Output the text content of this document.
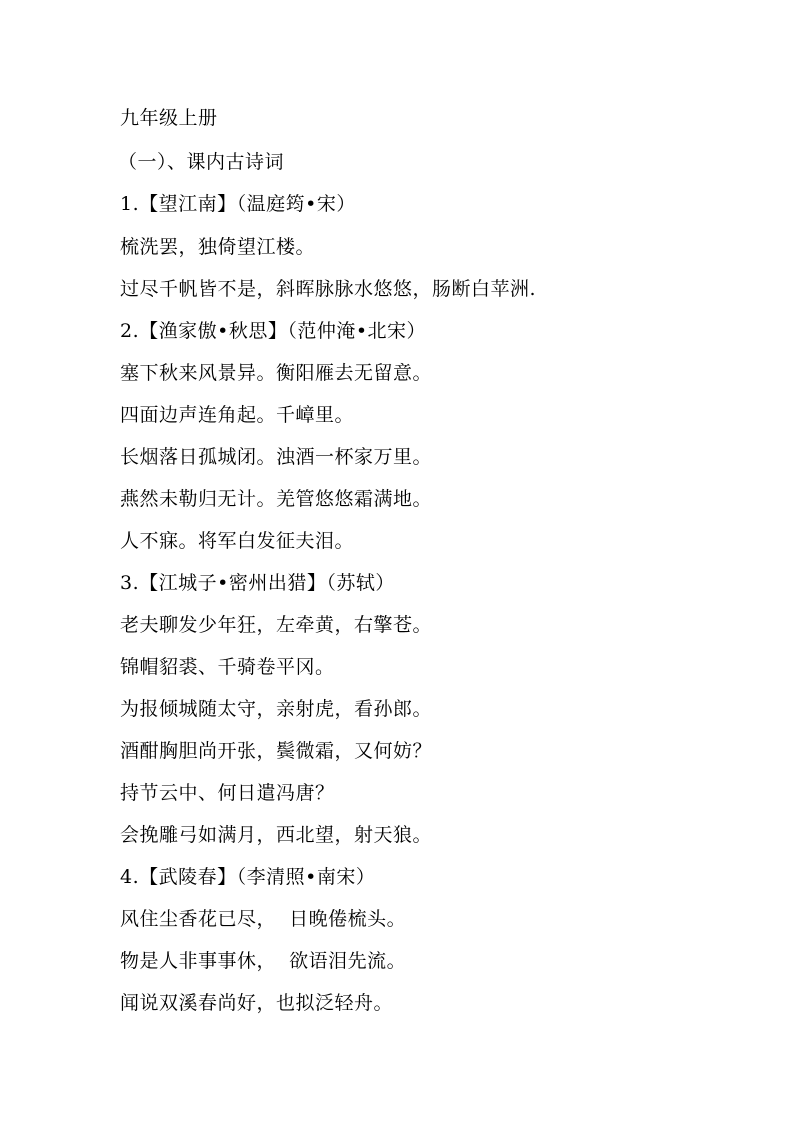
九年级上册
（一）、课内古诗词
1.【望江南】（温庭筠•宋）
梳洗罢，独倚望江楼。
过尽千帆皆不是，斜晖脉脉水悠悠，肠断白苹洲.
2.【渔家傲•秋思】（范仲淹•北宋）
塞下秋来风景异。衡阳雁去无留意。
四面边声连角起。千嶂里。
长烟落日孤城闭。浊酒一杯家万里。
燕然未勒归无计。羌管悠悠霜满地。
人不寐。将军白发征夫泪。
3.【江城子•密州出猎】（苏轼）
老夫聊发少年狂，左牵黄，右擎苍。
锦帽貂裘、千骑卷平冈。
为报倾城随太守，亲射虎，看孙郎。
酒酣胸胆尚开张，鬓微霜，又何妨？
持节云中、何日遣冯唐？
会挽雕弓如满月，西北望，射天狼。
4.【武陵春】（李清照•南宋）
风住尘香花已尽，  日晚倦梳头。
物是人非事事休，  欲语泪先流。
闻说双溪春尚好，也拟泛轻舟。
